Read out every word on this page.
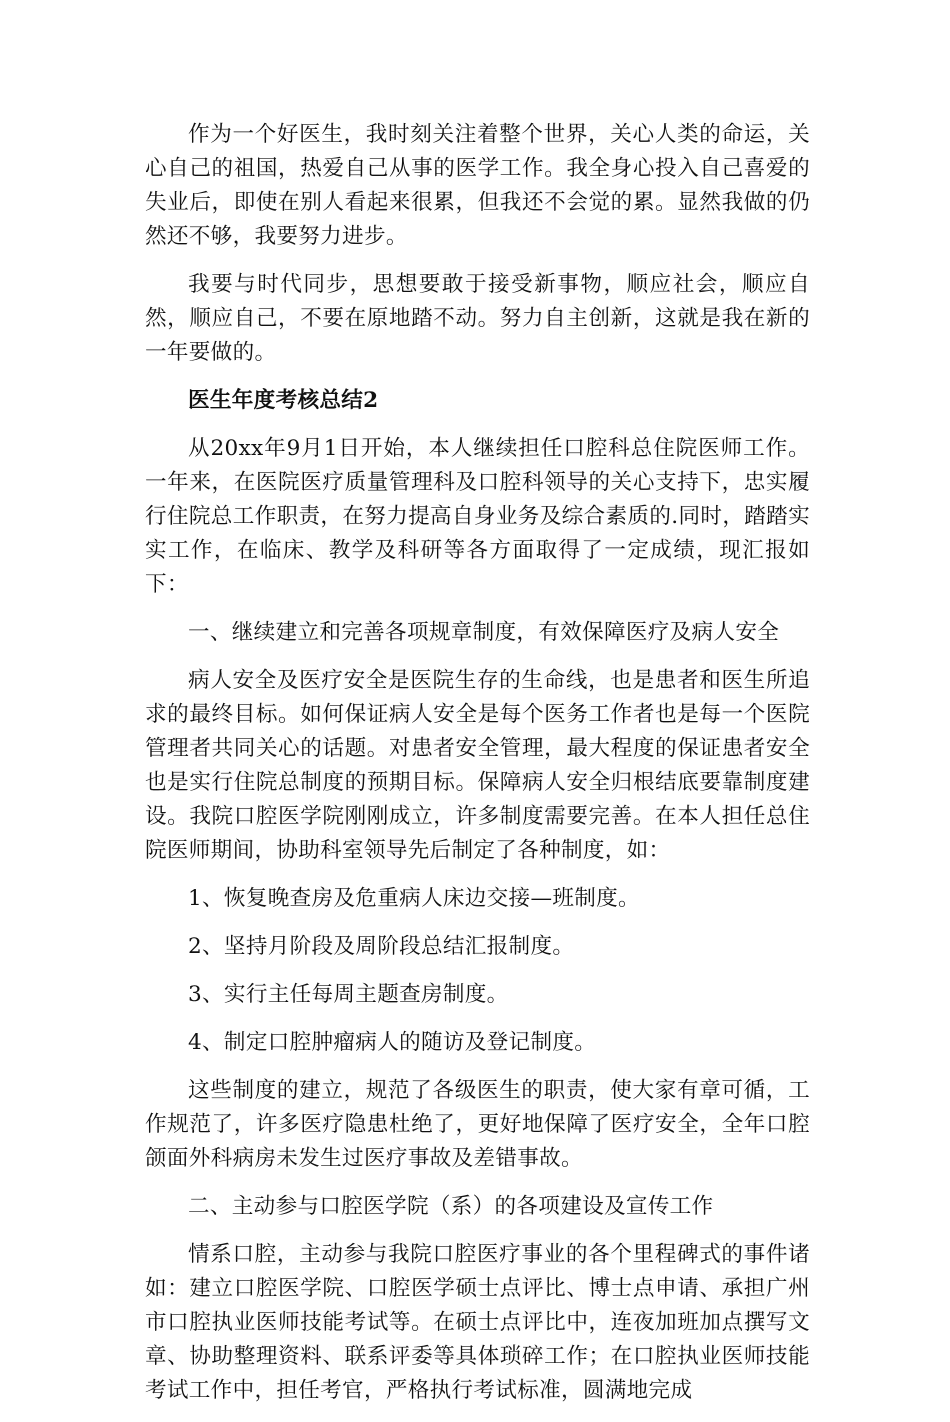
作为一个好医生，我时刻关注着整个世界，关心人类的命运，关心自己的祖国，热爱自己从事的医学工作。我全身心投入自己喜爱的失业后，即使在别人看起来很累，但我还不会觉的累。显然我做的仍然还不够，我要努力进步。

我要与时代同步，思想要敢于接受新事物，顺应社会，顺应自然，顺应自己，不要在原地踏不动。努力自主创新，这就是我在新的一年要做的。

医生年度考核总结2

从20xx年9月1日开始，本人继续担任口腔科总住院医师工作。一年来，在医院医疗质量管理科及口腔科领导的关心支持下，忠实履行住院总工作职责，在努力提高自身业务及综合素质的.同时，踏踏实实工作，在临床、教学及科研等各方面取得了一定成绩，现汇报如下：

一、继续建立和完善各项规章制度，有效保障医疗及病人安全

病人安全及医疗安全是医院生存的生命线，也是患者和医生所追求的最终目标。如何保证病人安全是每个医务工作者也是每一个医院管理者共同关心的话题。对患者安全管理，最大程度的保证患者安全也是实行住院总制度的预期目标。保障病人安全归根结底要靠制度建设。我院口腔医学院刚刚成立，许多制度需要完善。在本人担任总住院医师期间，协助科室领导先后制定了各种制度，如：

1、恢复晚查房及危重病人床边交接—班制度。

2、坚持月阶段及周阶段总结汇报制度。

3、实行主任每周主题查房制度。

4、制定口腔肿瘤病人的随访及登记制度。

这些制度的建立，规范了各级医生的职责，使大家有章可循，工作规范了，许多医疗隐患杜绝了，更好地保障了医疗安全，全年口腔颌面外科病房未发生过医疗事故及差错事故。

二、主动参与口腔医学院（系）的各项建设及宣传工作

情系口腔，主动参与我院口腔医疗事业的各个里程碑式的事件诸如：建立口腔医学院、口腔医学硕士点评比、博士点申请、承担广州市口腔执业医师技能考试等。在硕士点评比中，连夜加班加点撰写文章、协助整理资料、联系评委等具体琐碎工作；在口腔执业医师技能考试工作中，担任考官，严格执行考试标准，圆满地完成
